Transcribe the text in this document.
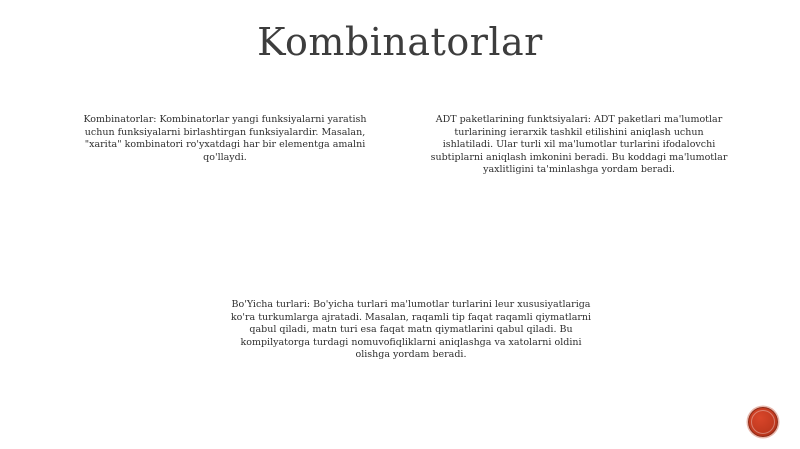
Kombinatorlar

Kombinatorlar: Kombinatorlar yangi funksiyalarni yaratish uchun funksiyalarni birlashtirgan funksiyalardir. Masalan, "xarita" kombinatori ro'yxatdagi har bir elementga amalni qo'llaydi.

ADT paketlarining funktsiyalari: ADT paketlari ma'lumotlar turlarining ierarxik tashkil etilishini aniqlash uchun ishlatiladi. Ular turli xil ma'lumotlar turlarini ifodalovchi subtiplarni aniqlash imkonini beradi. Bu koddagi ma'lumotlar yaxlitligini ta'minlashga yordam beradi.

Bo'Yicha turlari: Bo'yicha turlari ma'lumotlar turlarini leur xususiyatlariga ko'ra turkumlarga ajratadi. Masalan, raqamli tip faqat raqamli qiymatlarni qabul qiladi, matn turi esa faqat matn qiymatlarini qabul qiladi. Bu kompilyatorga turdagi nomuvofiqliklarni aniqlashga va xatolarni oldini olishga yordam beradi.
